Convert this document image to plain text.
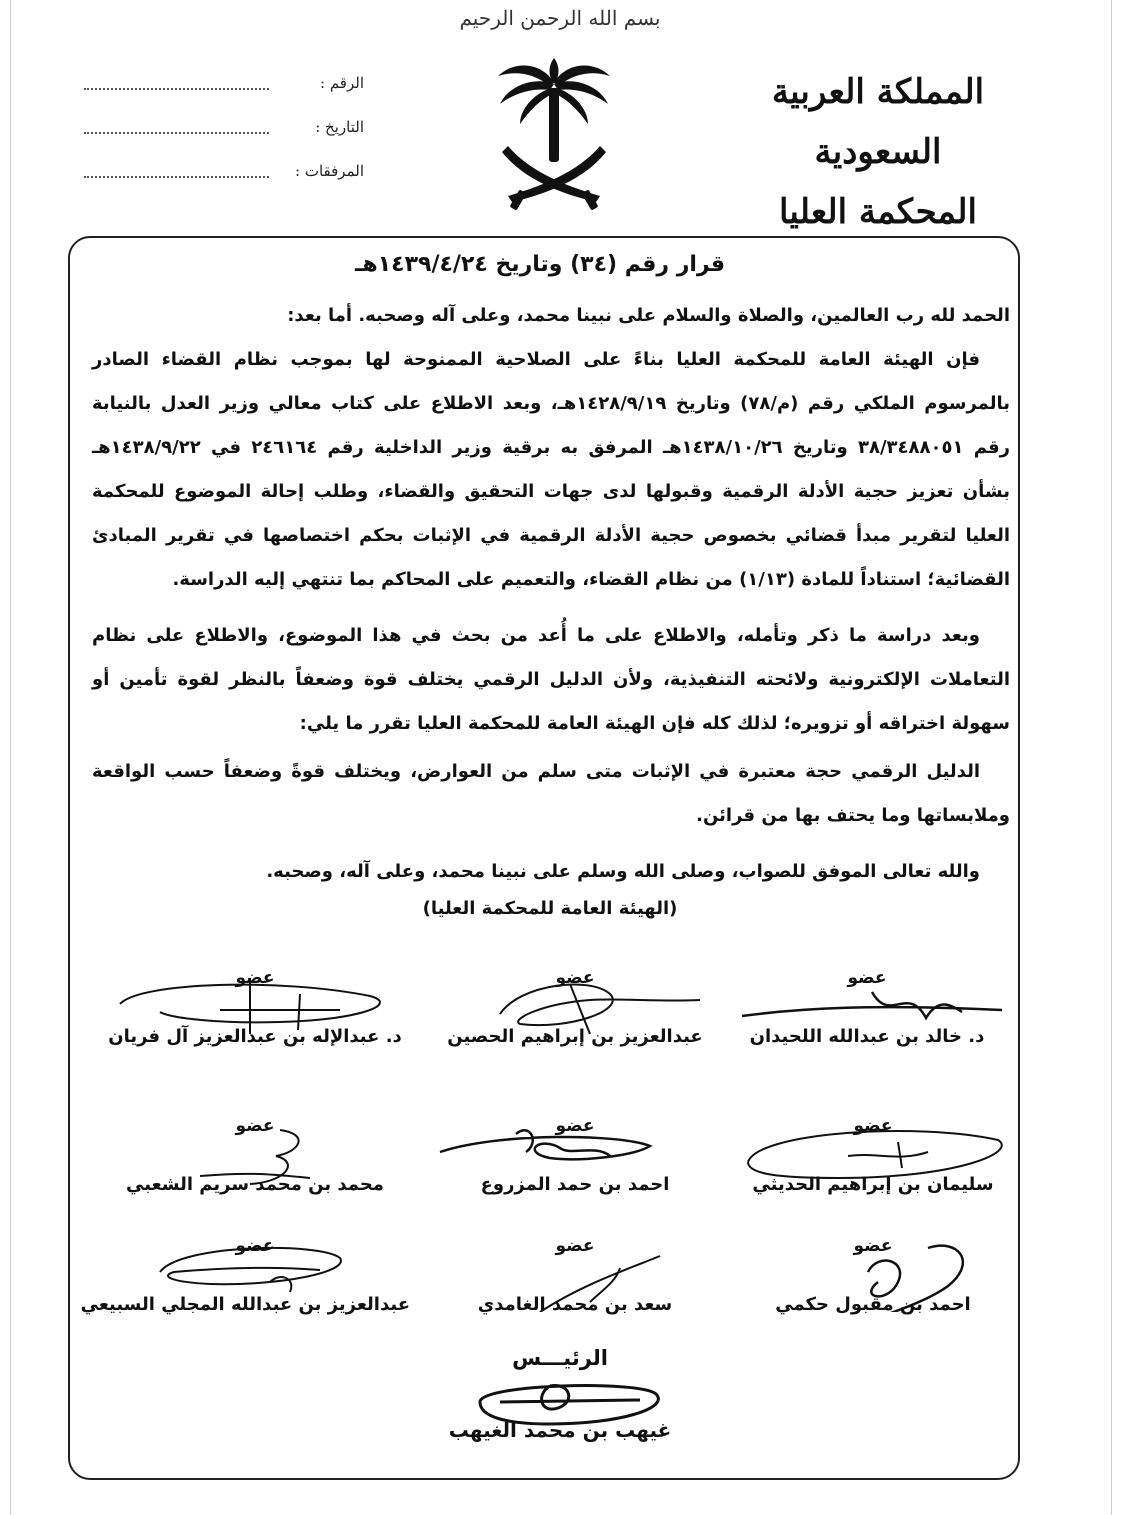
بسم الله الرحمن الرحيم
الرقم :
التاريخ :
المرفقات :
المملكة العربية السعودية
المحكمة العليا
قرار رقم (٣٤) وتاريخ ١٤٣٩/٤/٢٤هـ

الحمد لله رب العالمين، والصلاة والسلام على نبينا محمد، وعلى آله وصحبه. أما بعد:

فإن الهيئة العامة للمحكمة العليا بناءً على الصلاحية الممنوحة لها بموجب نظام القضاء الصادر بالمرسوم الملكي رقم (م/٧٨) وتاريخ ١٤٢٨/٩/١٩هـ، وبعد الاطلاع على كتاب معالي وزير العدل بالنيابة رقم ٣٨/٣٤٨٨٠٥١ وتاريخ ١٤٣٨/١٠/٢٦هـ المرفق به برقية وزير الداخلية رقم ٢٤٦١٦٤ في ١٤٣٨/٩/٢٢هـ بشأن تعزيز حجية الأدلة الرقمية وقبولها لدى جهات التحقيق والقضاء، وطلب إحالة الموضوع للمحكمة العليا لتقرير مبدأ قضائي بخصوص حجية الأدلة الرقمية في الإثبات بحكم اختصاصها في تقرير المبادئ القضائية؛ استناداً للمادة (١/١٣) من نظام القضاء، والتعميم على المحاكم بما تنتهي إليه الدراسة.

وبعد دراسة ما ذكر وتأمله، والاطلاع على ما أُعد من بحث في هذا الموضوع، والاطلاع على نظام التعاملات الإلكترونية ولائحته التنفيذية، ولأن الدليل الرقمي يختلف قوة وضعفاً بالنظر لقوة تأمين أو سهولة اختراقه أو تزويره؛ لذلك كله فإن الهيئة العامة للمحكمة العليا تقرر ما يلي:

الدليل الرقمي حجة معتبرة في الإثبات متى سلم من العوارض، ويختلف قوةً وضعفاً حسب الواقعة وملابساتها وما يحتف بها من قرائن.

والله تعالى الموفق للصواب، وصلى الله وسلم على نبينا محمد، وعلى آله، وصحبه.

(الهيئة العامة للمحكمة العليا)
عضو
د. خالد بن عبدالله اللحيدان
عضو
عبدالعزيز بن إبراهيم الحصين
عضو
د. عبدالإله بن عبدالعزيز آل فريان
عضو
سليمان بن إبراهيم الحديثي
عضو
احمد بن حمد المزروع
عضو
محمد بن محمد سريم الشعبي
عضو
احمد بن مقبول حكمي
عضو
سعد بن محمد الغامدي
عضو
عبدالعزيز بن عبدالله المجلي السبيعي
الرئيـــس
غيهب بن محمد الغيهب
